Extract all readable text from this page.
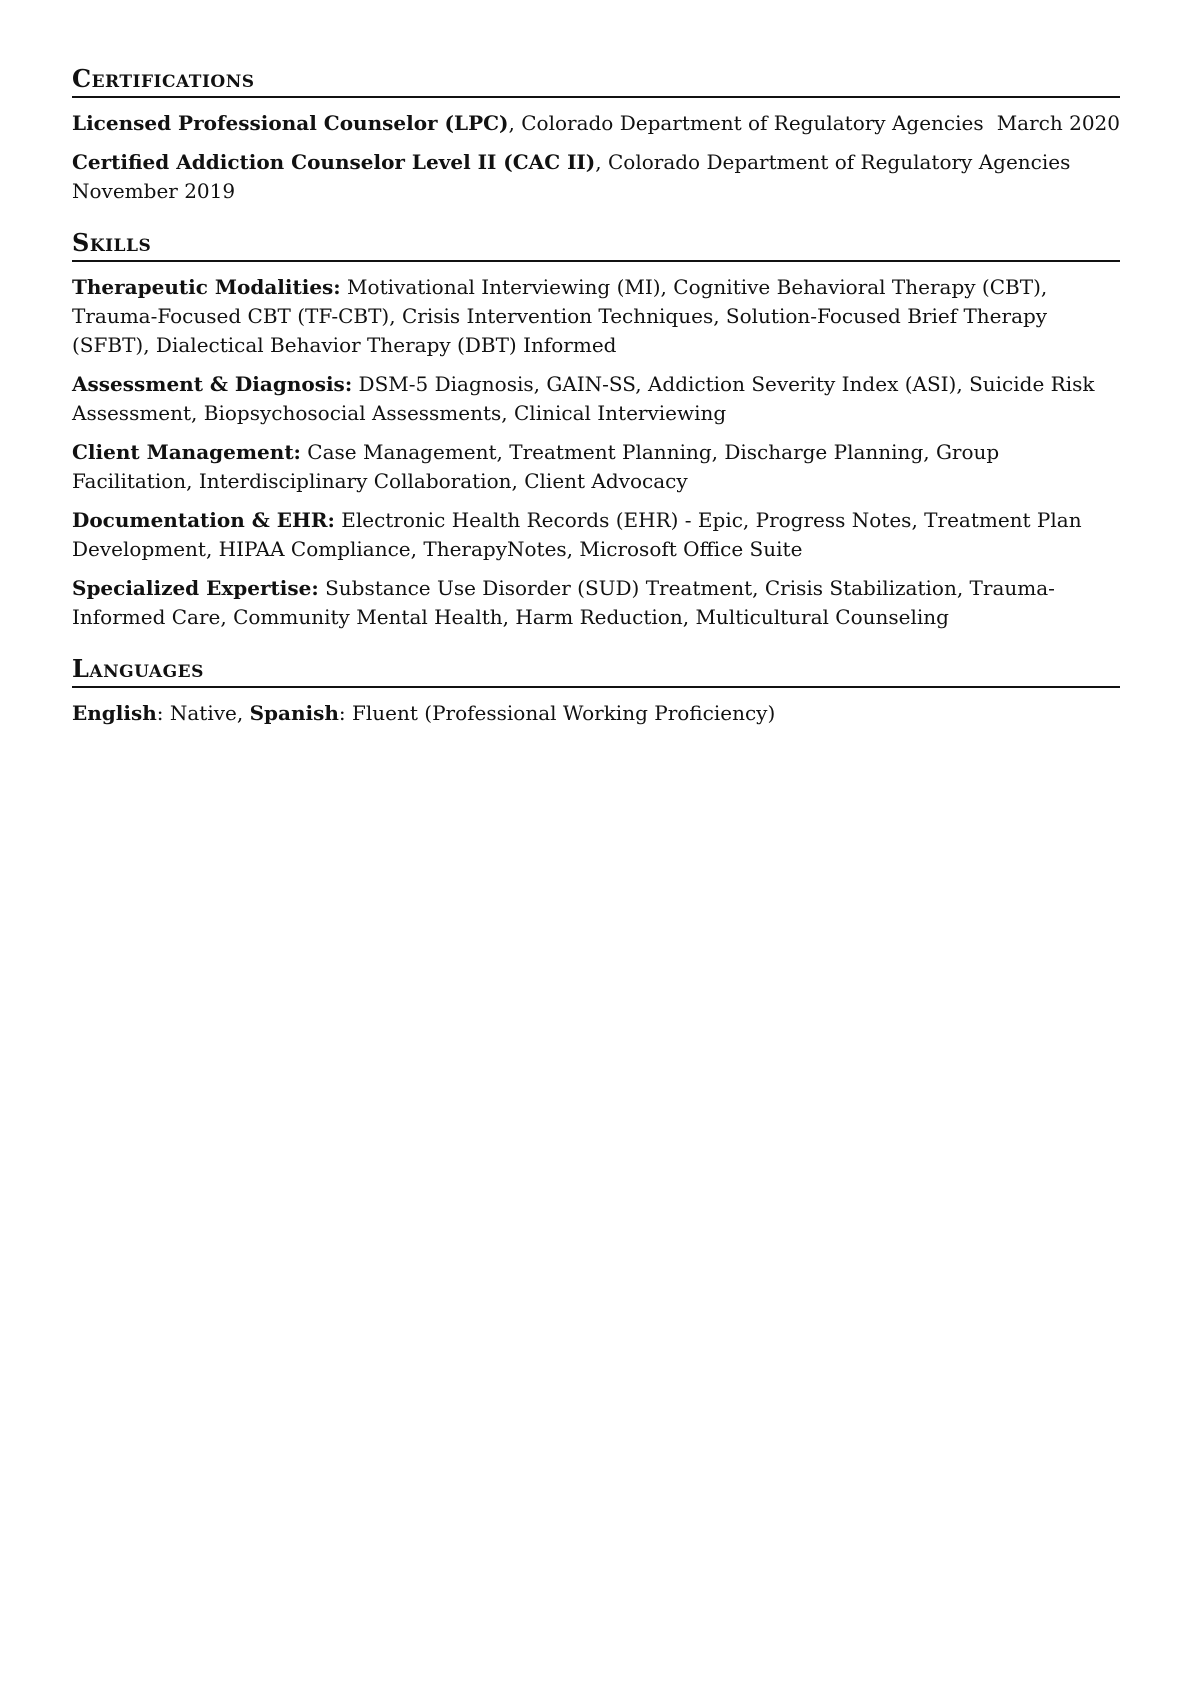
Certifications
Licensed Professional Counselor (LPC), Colorado Department of Regulatory Agencies March 2020
Certified Addiction Counselor Level II (CAC II), Colorado Department of Regulatory AgenciesNovember 2019
Skills
Therapeutic Modalities: Motivational Interviewing (MI), Cognitive Behavioral Therapy (CBT), Trauma-Focused CBT (TF-CBT), Crisis Intervention Techniques, Solution-Focused Brief Therapy (SFBT), Dialectical Behavior Therapy (DBT) Informed
Assessment & Diagnosis: DSM-5 Diagnosis, GAIN-SS, Addiction Severity Index (ASI), Suicide Risk Assessment, Biopsychosocial Assessments, Clinical Interviewing
Client Management: Case Management, Treatment Planning, Discharge Planning, Group Facilitation, Interdisciplinary Collaboration, Client Advocacy
Documentation & EHR: Electronic Health Records (EHR) - Epic, Progress Notes, Treatment Plan Development, HIPAA Compliance, TherapyNotes, Microsoft Office Suite
Specialized Expertise: Substance Use Disorder (SUD) Treatment, Crisis Stabilization, Trauma-Informed Care, Community Mental Health, Harm Reduction, Multicultural Counseling
Languages
English: Native, Spanish: Fluent (Professional Working Proficiency)
